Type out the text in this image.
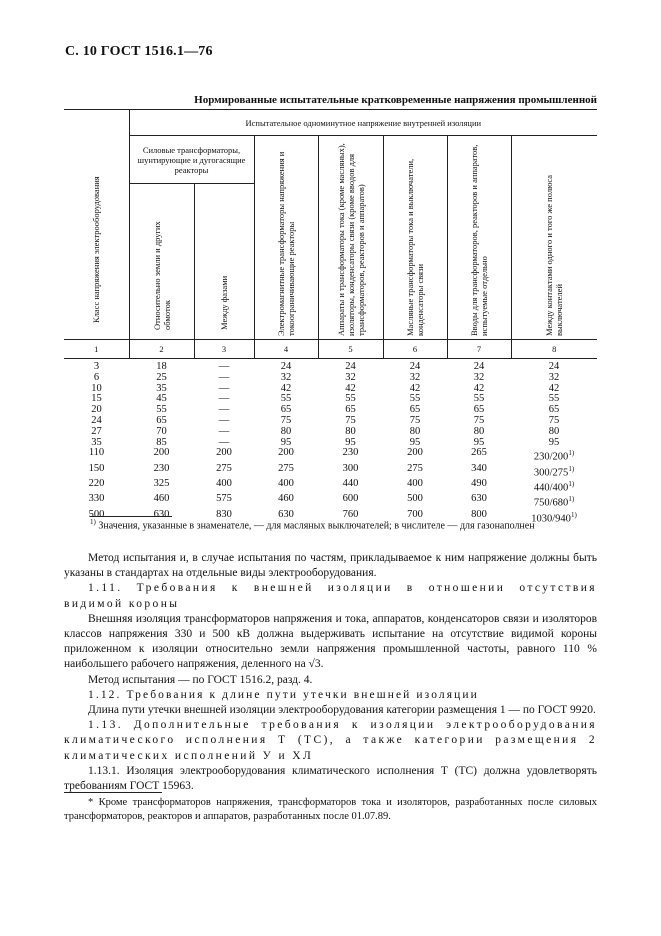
С. 10 ГОСТ 1516.1—76
Нормированные испытательные кратковременные напряжения промышленной
Класс напряжения электрооборудования	Испытательное одноминутное напряжение внутренней изоляции						
	Силовые трансформаторы, шунтирующие и дугогасящие реакторы		Электромагнитные трансформаторы напряжения и токоограничивающие реакторы	Аппараты и трансформаторы тока (кроме масляных), изоляторы, конденсаторы связи (кроме вводов для трансформаторов, реакторов и аппаратов)	Масляные трансформаторы тока и выключатели, конденсаторы связи	Вводы для трансформаторов, реакторов и аппаратов, испытуемые отдельно	Между контактами одного и того же полюса выключателей
	Относительно земли и других обмоток	Между фазами					
1	2	3	4	5	6	7	8
3	18	—	24	24	24	24	24
6	25	—	32	32	32	32	32
10	35	—	42	42	42	42	42
15	45	—	55	55	55	55	55
20	55	—	65	65	65	65	65
24	65	—	75	75	75	75	75
27	70	—	80	80	80	80	80
35	85	—	95	95	95	95	95
110	200	200	200	230	200	265	230/200$^{1)}$
150	230	275	275	300	275	340	300/275$^{1)}$
220	325	400	400	440	400	490	440/400$^{1)}$
330	460	575	460	600	500	630	750/680$^{1)}$
500	630	830	630	760	700	800	1030/940$^{1)}$
$^{1)}$ Значения, указанные в знаменателе, — для масляных выключателей; в числителе — для газонаполнен

Метод испытания и, в случае испытания по частям, прикладываемое к ним напряжение должны быть указаны в стандартах на отдельные виды электрооборудования.

1.11. Требования к внешней изоляции в отношении отсутствия видимой короны

Внешняя изоляция трансформаторов напряжения и тока, аппаратов, конденсаторов связи и изоляторов классов напряжения 330 и 500 кВ должна выдерживать испытание на отсутствие видимой короны приложенном к изоляции относительно земли напряжения промышленной частоты, равного 110 % наибольшего рабочего напряжения, деленного на √3.

Метод испытания — по ГОСТ 1516.2, разд. 4.

1.12. Требования к длине пути утечки внешней изоляции

Длина пути утечки внешней изоляции электрооборудования категории размещения 1 — по ГОСТ 9920.

1.13. Дополнительные требования к изоляции электрооборудования климатического исполнения Т (ТС), а также категории размещения 2 климатических исполнений У и ХЛ

1.13.1. Изоляция электрооборудования климатического исполнения Т (ТС) должна удовлетворять требованиям ГОСТ 15963.

* Кроме трансформаторов напряжения, трансформаторов тока и изоляторов, разработанных после силовых трансформаторов, реакторов и аппаратов, разработанных после 01.07.89.
